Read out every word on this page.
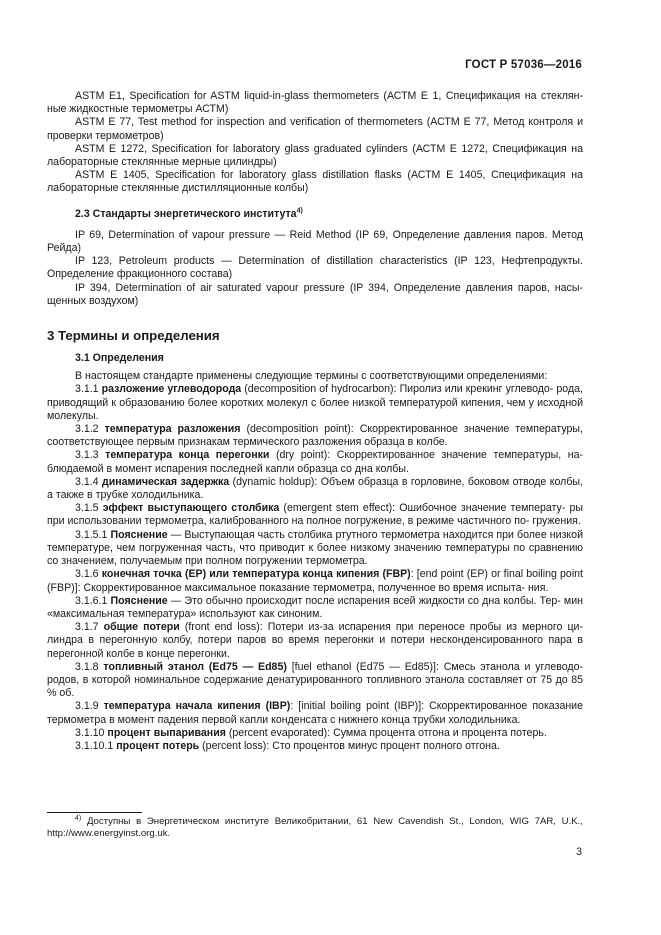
ГОСТ Р 57036—2016

ASTM E1, Specification for ASTM liquid-in-glass thermometers (АСТМ Е 1, Спецификация на стеклян- ные жидкостные термометры АСТМ)

ASTM E 77, Test method for inspection and verification of thermometers (АСТМ Е 77, Метод контроля и проверки термометров)

ASTM E 1272, Specification for laboratory glass graduated cylinders (АСТМ Е 1272, Спецификация на лабораторные стеклянные мерные цилиндры)

ASTM E 1405, Specification for laboratory glass distillation flasks (АСТМ Е 1405, Спецификация на лабораторные стеклянные дистилляционные колбы)

2.3 Стандарты энергетического института$^{4)}$

IP 69, Determination of vapour pressure — Reid Method (IP 69, Определение давления паров. Метод Рейда)

IP 123, Petroleum products — Determination of distillation characteristics (IP 123, Нефтепродукты. Определение фракционного состава)

IP 394, Determination of air saturated vapour pressure (IP 394, Определение давления паров, насы- щенных воздухом)

3 Термины и определения

3.1 Определения

В настоящем стандарте применены следующие термины с соответствующими определениями:

3.1.1 разложение углеводорода (decomposition of hydrocarbon): Пиролиз или крекинг углеводо- рода, приводящий к образованию более коротких молекул с более низкой температурой кипения, чем у исходной молекулы.

3.1.2 температура разложения (decomposition point): Скорректированное значение температуры, соответствующее первым признакам термического разложения образца в колбе.

3.1.3 температура конца перегонки (dry point): Скорректированное значение температуры, на- блюдаемой в момент испарения последней капли образца со дна колбы.

3.1.4 динамическая задержка (dynamic holdup): Объем образца в горловине, боковом отводе колбы, а также в трубке холодильника.

3.1.5 эффект выступающего столбика (emergent stem effect): Ошибочное значение температу- ры при использовании термометра, калиброванного на полное погружение, в режиме частичного по- гружения.

3.1.5.1 Пояснение — Выступающая часть столбика ртутного термометра находится при более низкой температуре, чем погруженная часть, что приводит к более низкому значению температуры по сравнению со значением, получаемым при полном погружении термометра.

3.1.6 конечная точка (EP) или температура конца кипения (FBP): [end point (EP) or final boiling point (FBP)]: Скорректированное максимальное показание термометра, полученное во время испыта- ния.

3.1.6.1 Пояснение — Это обычно происходит после испарения всей жидкости со дна колбы. Тер- мин «максимальная температура» используют как синоним.

3.1.7 общие потери (front end loss): Потери из-за испарения при переносе пробы из мерного ци- линдра в перегонную колбу, потери паров во время перегонки и потери несконденсированного пара в перегонной колбе в конце перегонки.

3.1.8 топливный этанол (Ed75 — Ed85) [fuel ethanol (Ed75 — Ed85)]: Смесь этанола и углеводо- родов, в которой номинальное содержание денатурированного топливного этанола составляет от 75 до 85 % об.

3.1.9 температура начала кипения (IBP): [initial boiling point (IBP)]: Скорректированное показание термометра в момент падения первой капли конденсата с нижнего конца трубки холодильника.

3.1.10 процент выпаривания (percent evaporated): Сумма процента отгона и процента потерь.

3.1.10.1 процент потерь (percent loss): Сто процентов минус процент полного отгона.

$^{4)}$ Доступны в Энергетическом институте Великобритании, 61 New Cavendish St., London, WIG 7AR, U.K., http://www.energyinst.org.uk.
3
